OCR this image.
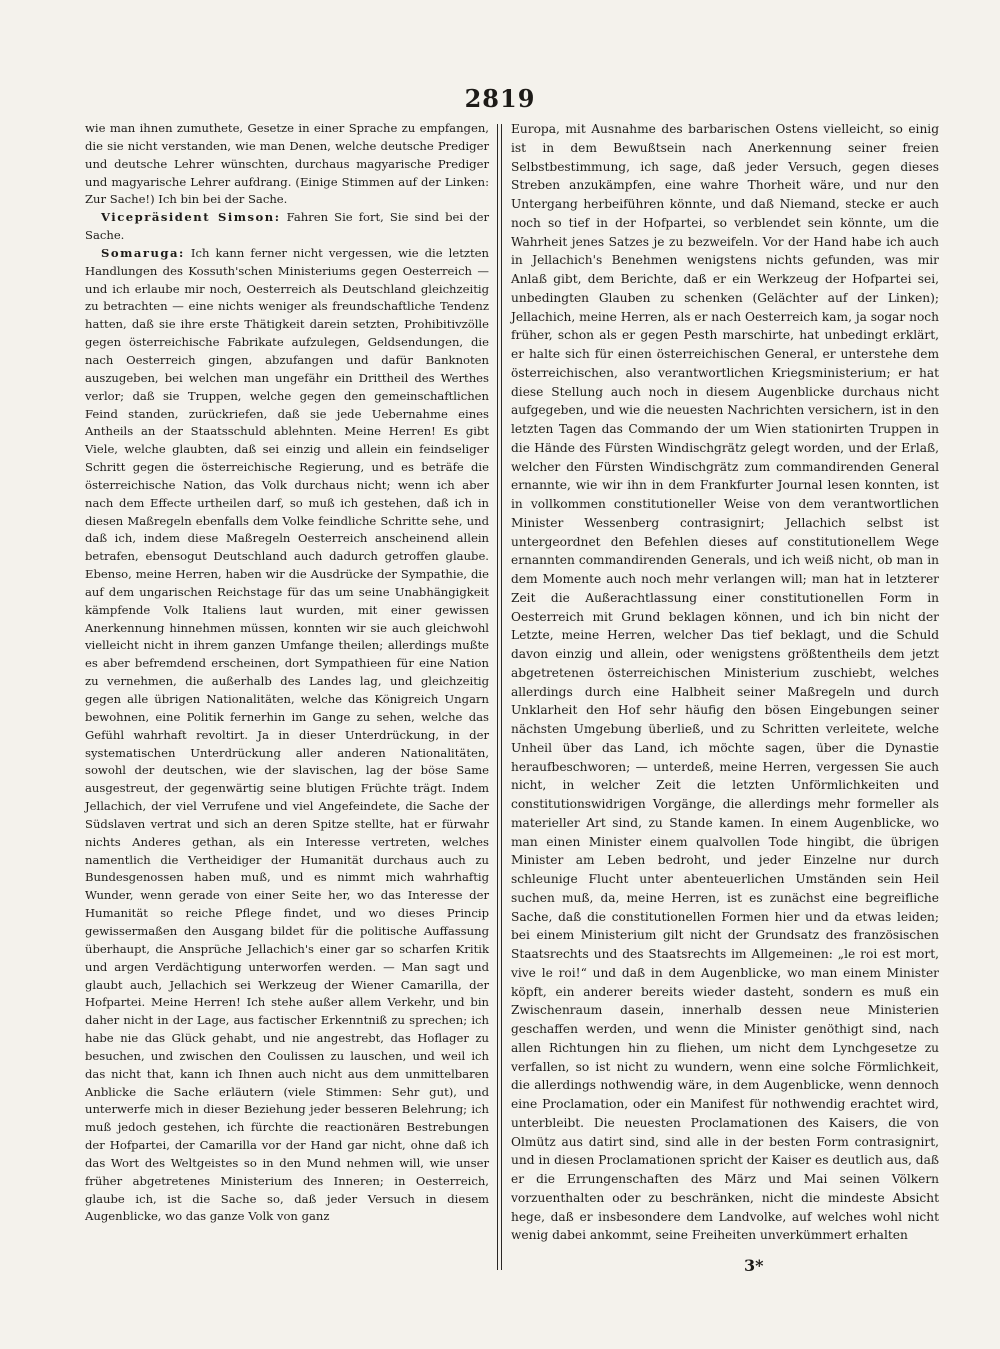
2819

wie man ihnen zumuthete, Gesetze in einer Sprache zu empfangen, die sie nicht verstanden, wie man Denen, welche deutsche Prediger und deutsche Lehrer wünschten, durchaus magyarische Prediger und magyarische Lehrer aufdrang. (Einige Stimmen auf der Linken: Zur Sache!) Ich bin bei der Sache.

Vicepräsident Simson: Fahren Sie fort, Sie sind bei der Sache.

Somaruga: Ich kann ferner nicht vergessen, wie die letzten Handlungen des Kossuth'schen Ministeriums gegen Oesterreich — und ich erlaube mir noch, Oesterreich als Deutschland gleichzeitig zu betrachten — eine nichts weniger als freundschaftliche Tendenz hatten, daß sie ihre erste Thätigkeit darein setzten, Prohibitivzölle gegen österreichische Fabrikate aufzulegen, Geldsendungen, die nach Oesterreich gingen, abzufangen und dafür Banknoten auszugeben, bei welchen man ungefähr ein Drittheil des Werthes verlor; daß sie Truppen, welche gegen den gemeinschaftlichen Feind standen, zurückriefen, daß sie jede Uebernahme eines Antheils an der Staatsschuld ablehnten. Meine Herren! Es gibt Viele, welche glaubten, daß sei einzig und allein ein feindseliger Schritt gegen die österreichische Regierung, und es beträfe die österreichische Nation, das Volk durchaus nicht; wenn ich aber nach dem Effecte urtheilen darf, so muß ich gestehen, daß ich in diesen Maßregeln ebenfalls dem Volke feindliche Schritte sehe, und daß ich, indem diese Maßregeln Oesterreich anscheinend allein betrafen, ebensogut Deutschland auch dadurch getroffen glaube. Ebenso, meine Herren, haben wir die Ausdrücke der Sympathie, die auf dem ungarischen Reichstage für das um seine Unabhängigkeit kämpfende Volk Italiens laut wurden, mit einer gewissen Anerkennung hinnehmen müssen, konnten wir sie auch gleichwohl vielleicht nicht in ihrem ganzen Umfange theilen; allerdings mußte es aber befremdend erscheinen, dort Sympathieen für eine Nation zu vernehmen, die außerhalb des Landes lag, und gleichzeitig gegen alle übrigen Nationalitäten, welche das Königreich Ungarn bewohnen, eine Politik fernerhin im Gange zu sehen, welche das Gefühl wahrhaft revoltirt. Ja in dieser Unterdrückung, in der systematischen Unterdrückung aller anderen Nationalitäten, sowohl der deutschen, wie der slavischen, lag der böse Same ausgestreut, der gegenwärtig seine blutigen Früchte trägt. Indem Jellachich, der viel Verrufene und viel Angefeindete, die Sache der Südslaven vertrat und sich an deren Spitze stellte, hat er fürwahr nichts Anderes gethan, als ein Interesse vertreten, welches namentlich die Vertheidiger der Humanität durchaus auch zu Bundesgenossen haben muß, und es nimmt mich wahrhaftig Wunder, wenn gerade von einer Seite her, wo das Interesse der Humanität so reiche Pflege findet, und wo dieses Princip gewissermaßen den Ausgang bildet für die politische Auffassung überhaupt, die Ansprüche Jellachich's einer gar so scharfen Kritik und argen Verdächtigung unterworfen werden. — Man sagt und glaubt auch, Jellachich sei Werkzeug der Wiener Camarilla, der Hofpartei. Meine Herren! Ich stehe außer allem Verkehr, und bin daher nicht in der Lage, aus factischer Erkenntniß zu sprechen; ich habe nie das Glück gehabt, und nie angestrebt, das Hoflager zu besuchen, und zwischen den Coulissen zu lauschen, und weil ich das nicht that, kann ich Ihnen auch nicht aus dem unmittelbaren Anblicke die Sache erläutern (viele Stimmen: Sehr gut), und unterwerfe mich in dieser Beziehung jeder besseren Belehrung; ich muß jedoch gestehen, ich fürchte die reactionären Bestrebungen der Hofpartei, der Camarilla vor der Hand gar nicht, ohne daß ich das Wort des Weltgeistes so in den Mund nehmen will, wie unser früher abgetretenes Ministerium des Inneren; in Oesterreich, glaube ich, ist die Sache so, daß jeder Versuch in diesem Augenblicke, wo das ganze Volk von ganz

Europa, mit Ausnahme des barbarischen Ostens vielleicht, so einig ist in dem Bewußtsein nach Anerkennung seiner freien Selbstbestimmung, ich sage, daß jeder Versuch, gegen dieses Streben anzukämpfen, eine wahre Thorheit wäre, und nur den Untergang herbeiführen könnte, und daß Niemand, stecke er auch noch so tief in der Hofpartei, so verblendet sein könnte, um die Wahrheit jenes Satzes je zu bezweifeln. Vor der Hand habe ich auch in Jellachich's Benehmen wenigstens nichts gefunden, was mir Anlaß gibt, dem Berichte, daß er ein Werkzeug der Hofpartei sei, unbedingten Glauben zu schenken (Gelächter auf der Linken); Jellachich, meine Herren, als er nach Oesterreich kam, ja sogar noch früher, schon als er gegen Pesth marschirte, hat unbedingt erklärt, er halte sich für einen österreichischen General, er unterstehe dem österreichischen, also verantwortlichen Kriegsministerium; er hat diese Stellung auch noch in diesem Augenblicke durchaus nicht aufgegeben, und wie die neuesten Nachrichten versichern, ist in den letzten Tagen das Commando der um Wien stationirten Truppen in die Hände des Fürsten Windischgrätz gelegt worden, und der Erlaß, welcher den Fürsten Windischgrätz zum commandirenden General ernannte, wie wir ihn in dem Frankfurter Journal lesen konnten, ist in vollkommen constitutioneller Weise von dem verantwortlichen Minister Wessenberg contrasignirt; Jellachich selbst ist untergeordnet den Befehlen dieses auf constitutionellem Wege ernannten commandirenden Generals, und ich weiß nicht, ob man in dem Momente auch noch mehr verlangen will; man hat in letzterer Zeit die Außerachtlassung einer constitutionellen Form in Oesterreich mit Grund beklagen können, und ich bin nicht der Letzte, meine Herren, welcher Das tief beklagt, und die Schuld davon einzig und allein, oder wenigstens größtentheils dem jetzt abgetretenen österreichischen Ministerium zuschiebt, welches allerdings durch eine Halbheit seiner Maßregeln und durch Unklarheit den Hof sehr häufig den bösen Eingebungen seiner nächsten Umgebung überließ, und zu Schritten verleitete, welche Unheil über das Land, ich möchte sagen, über die Dynastie heraufbeschworen; — unterdeß, meine Herren, vergessen Sie auch nicht, in welcher Zeit die letzten Unförmlichkeiten und constitutionswidrigen Vorgänge, die allerdings mehr formeller als materieller Art sind, zu Stande kamen. In einem Augenblicke, wo man einen Minister einem qualvollen Tode hingibt, die übrigen Minister am Leben bedroht, und jeder Einzelne nur durch schleunige Flucht unter abenteuerlichen Umständen sein Heil suchen muß, da, meine Herren, ist es zunächst eine begreifliche Sache, daß die constitutionellen Formen hier und da etwas leiden; bei einem Ministerium gilt nicht der Grundsatz des französischen Staatsrechts und des Staatsrechts im Allgemeinen: „le roi est mort, vive le roi!“ und daß in dem Augenblicke, wo man einem Minister köpft, ein anderer bereits wieder dasteht, sondern es muß ein Zwischenraum dasein, innerhalb dessen neue Ministerien geschaffen werden, und wenn die Minister genöthigt sind, nach allen Richtungen hin zu fliehen, um nicht dem Lynchgesetze zu verfallen, so ist nicht zu wundern, wenn eine solche Förmlichkeit, die allerdings nothwendig wäre, in dem Augenblicke, wenn dennoch eine Proclamation, oder ein Manifest für nothwendig erachtet wird, unterbleibt. Die neuesten Proclamationen des Kaisers, die von Olmütz aus datirt sind, sind alle in der besten Form contrasignirt, und in diesen Proclamationen spricht der Kaiser es deutlich aus, daß er die Errungenschaften des März und Mai seinen Völkern vorzuenthalten oder zu beschränken, nicht die mindeste Absicht hege, daß er insbesondere dem Landvolke, auf welches wohl nicht wenig dabei ankommt, seine Freiheiten unverkümmert erhalten

3*
